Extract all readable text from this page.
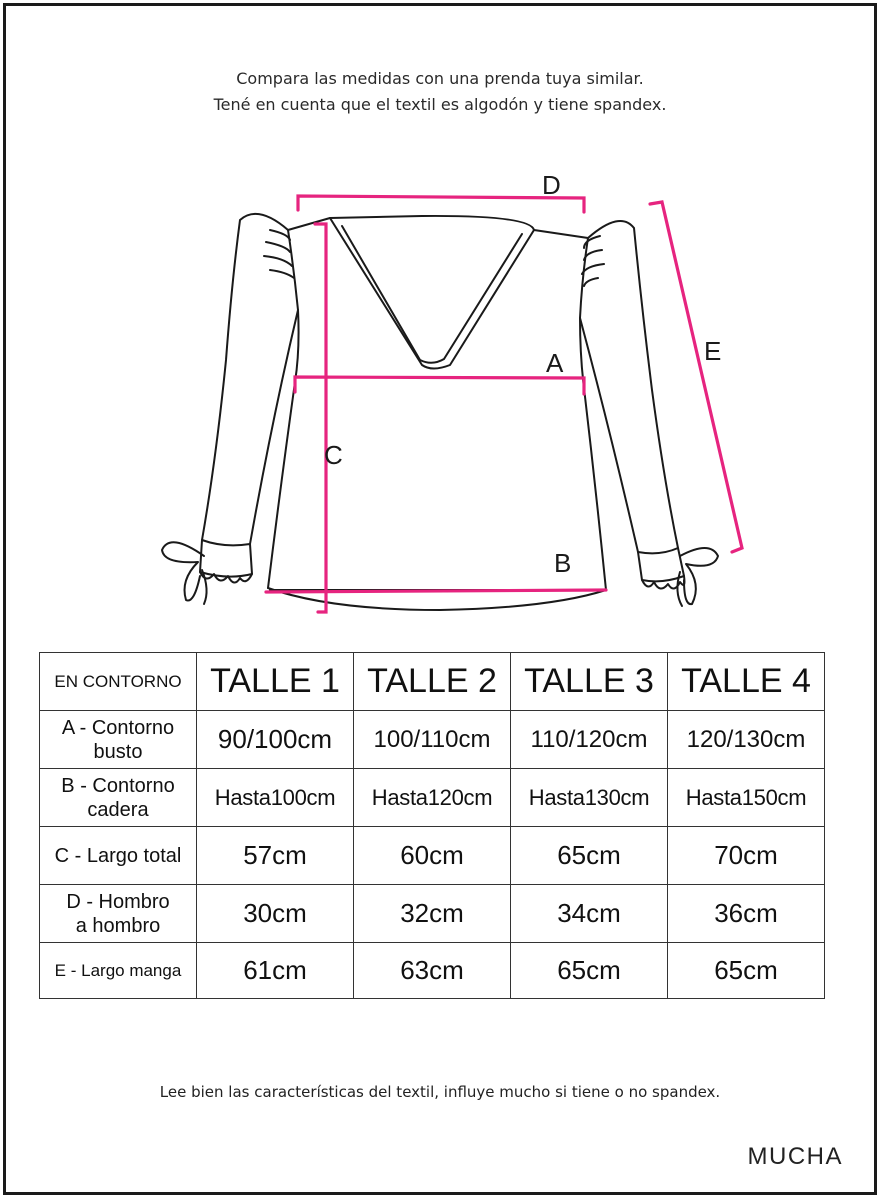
Compara las medidas con una prenda tuya similar.
Tené en cuenta que el textil es algodón y tiene spandex.
D
A
C
B
E
EN CONTORNO	TALLE 1	TALLE 2	TALLE 3	TALLE 4
A - Contorno
busto	90/100cm	100/110cm	110/120cm	120/130cm
B - Contorno
cadera	Hasta100cm	Hasta120cm	Hasta130cm	Hasta150cm
C - Largo total	57cm	60cm	65cm	70cm
D - Hombro
a hombro	30cm	32cm	34cm	36cm
E - Largo manga	61cm	63cm	65cm	65cm
Lee bien las características del textil, influye mucho si tiene o no spandex.
MUCHA
